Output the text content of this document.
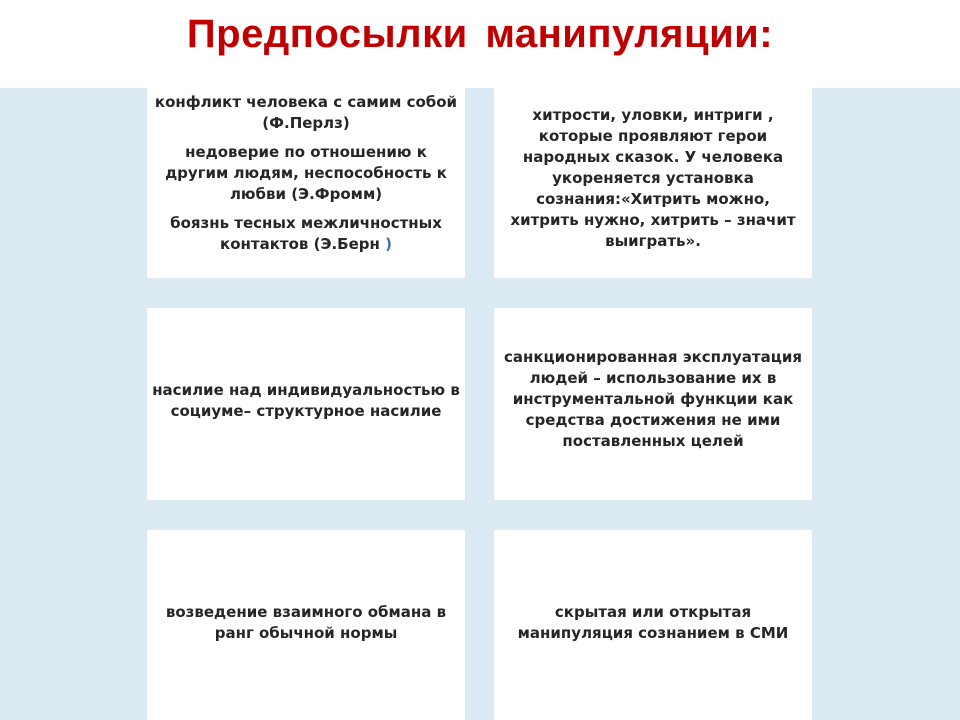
Предпосылки манипуляции:

конфликт человека с самим собой (Ф.Перлз)

недоверие по отношению к другим людям, неспособность к любви (Э.Фромм)

боязнь тесных межличностных контактов (Э.Берн )

хитрости, уловки, интриги , которые проявляют герои народных сказок. У человека укореняется установка сознания:«Хитрить можно, хитрить нужно, хитрить – значит выиграть».

насилие над индивидуальностью в социуме– структурное насилие

санкционированная эксплуатация людей – использование их в инструментальной функции как средства достижения не ими поставленных целей

возведение взаимного обмана в ранг обычной нормы

скрытая или открытая манипуляция сознанием в СМИ
